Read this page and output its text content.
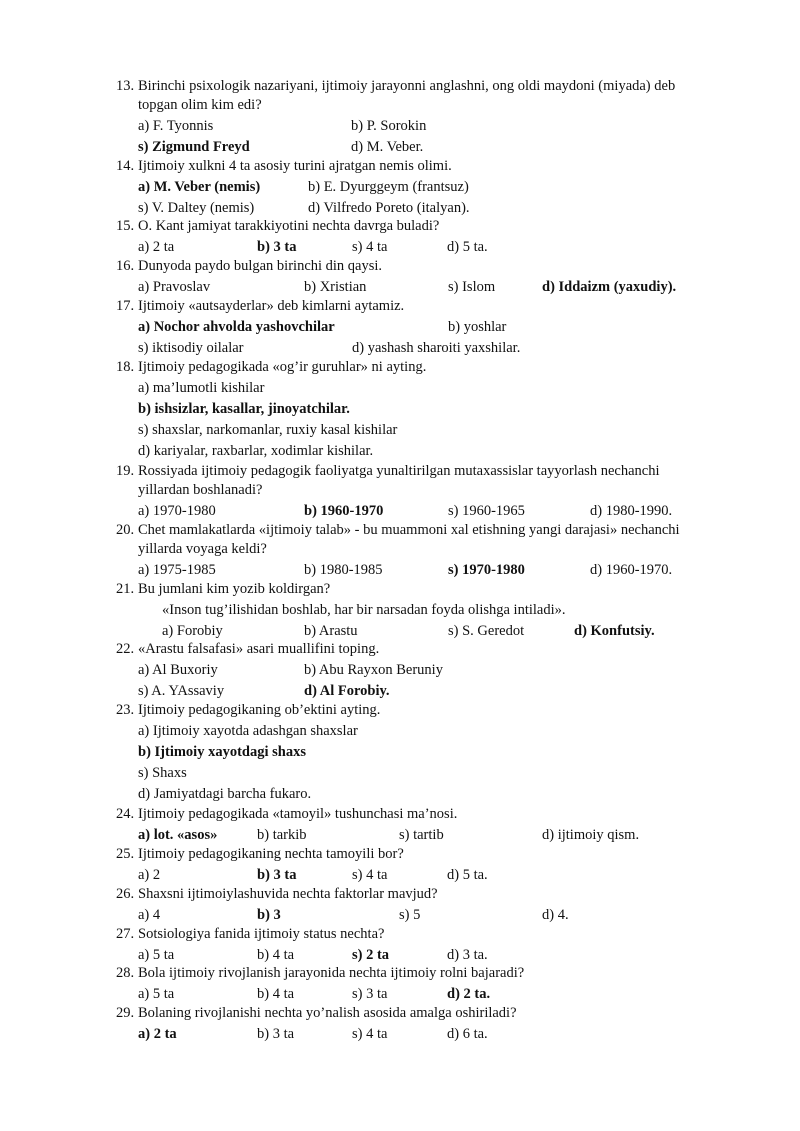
13. Birinchi psixologik nazariyani, ijtimoiy jarayonni anglashni, ong oldi maydoni (miyada) deb

topgan olim kim edi?

a) F. Tyonnis	b) P. Sorokin
s) Zigmund Freyd	d) M. Veber.

14. Ijtimoiy xulkni 4 ta asosiy turini ajratgan nemis olimi.

a) M. Veber (nemis)	b) E. Dyurggeym (frantsuz)
s) V. Daltey (nemis)	d) Vilfredo Poreto (italyan).

15. O. Kant jamiyat tarakkiyotini nechta davrga buladi?

a) 2 ta	b) 3 ta	s) 4 ta	d) 5 ta.

16. Dunyoda paydo bulgan birinchi din qaysi.

a) Pravoslav	b) Xristian	s) Islom	d) Iddaizm (yaxudiy).

17. Ijtimoiy «autsayderlar» deb kimlarni aytamiz.

a) Nochor ahvolda yashovchilar	b) yoshlar
s) iktisodiy oilalar	d) yashash sharoiti yaxshilar.

18. Ijtimoiy pedagogikada «og’ir guruhlar» ni ayting.

a) ma’lumotli kishilar
b) ishsizlar, kasallar, jinoyatchilar.
s) shaxslar, narkomanlar, ruxiy kasal kishilar
d) kariyalar, raxbarlar, xodimlar kishilar.

19. Rossiyada ijtimoiy pedagogik faoliyatga yunaltirilgan mutaxassislar tayyorlash nechanchi

yillardan boshlanadi?

a) 1970-1980	b) 1960-1970	s) 1960-1965	d) 1980-1990.

20. Chet mamlakatlarda «ijtimoiy talab» - bu muammoni xal etishning yangi darajasi» nechanchi

yillarda voyaga keldi?

a) 1975-1985	b) 1980-1985	s) 1970-1980	d) 1960-1970.

21. Bu jumlani kim yozib koldirgan?

«Inson tug’ilishidan boshlab, har bir narsadan foyda olishga intiladi».
a) Forobiy	b) Arastu	s) S. Geredot	d) Konfutsiy.

22. «Arastu falsafasi» asari muallifini toping.

a) Al Buxoriy	b) Abu Rayxon Beruniy
s) A. YAssaviy	d) Al Forobiy.

23. Ijtimoiy pedagogikaning ob’ektini ayting.

a) Ijtimoiy xayotda adashgan shaxslar
b) Ijtimoiy xayotdagi shaxs
s) Shaxs
d) Jamiyatdagi barcha fukaro.

24. Ijtimoiy pedagogikada «tamoyil» tushunchasi ma’nosi.

a) lot. «asos»	b) tarkib	s) tartib	d) ijtimoiy qism.

25. Ijtimoiy pedagogikaning nechta tamoyili bor?

a) 2	b) 3 ta	s) 4 ta	d) 5 ta.

26. Shaxsni ijtimoiylashuvida nechta faktorlar mavjud?

a) 4	b) 3	s) 5	d) 4.

27. Sotsiologiya fanida ijtimoiy status nechta?

a) 5 ta	b) 4 ta	s) 2 ta	d) 3 ta.

28. Bola ijtimoiy rivojlanish jarayonida nechta ijtimoiy rolni bajaradi?

a) 5 ta	b) 4 ta	s) 3 ta	d) 2 ta.

29. Bolaning rivojlanishi nechta yo’nalish asosida amalga oshiriladi?

a) 2 ta	b) 3 ta	s) 4 ta	d) 6 ta.
